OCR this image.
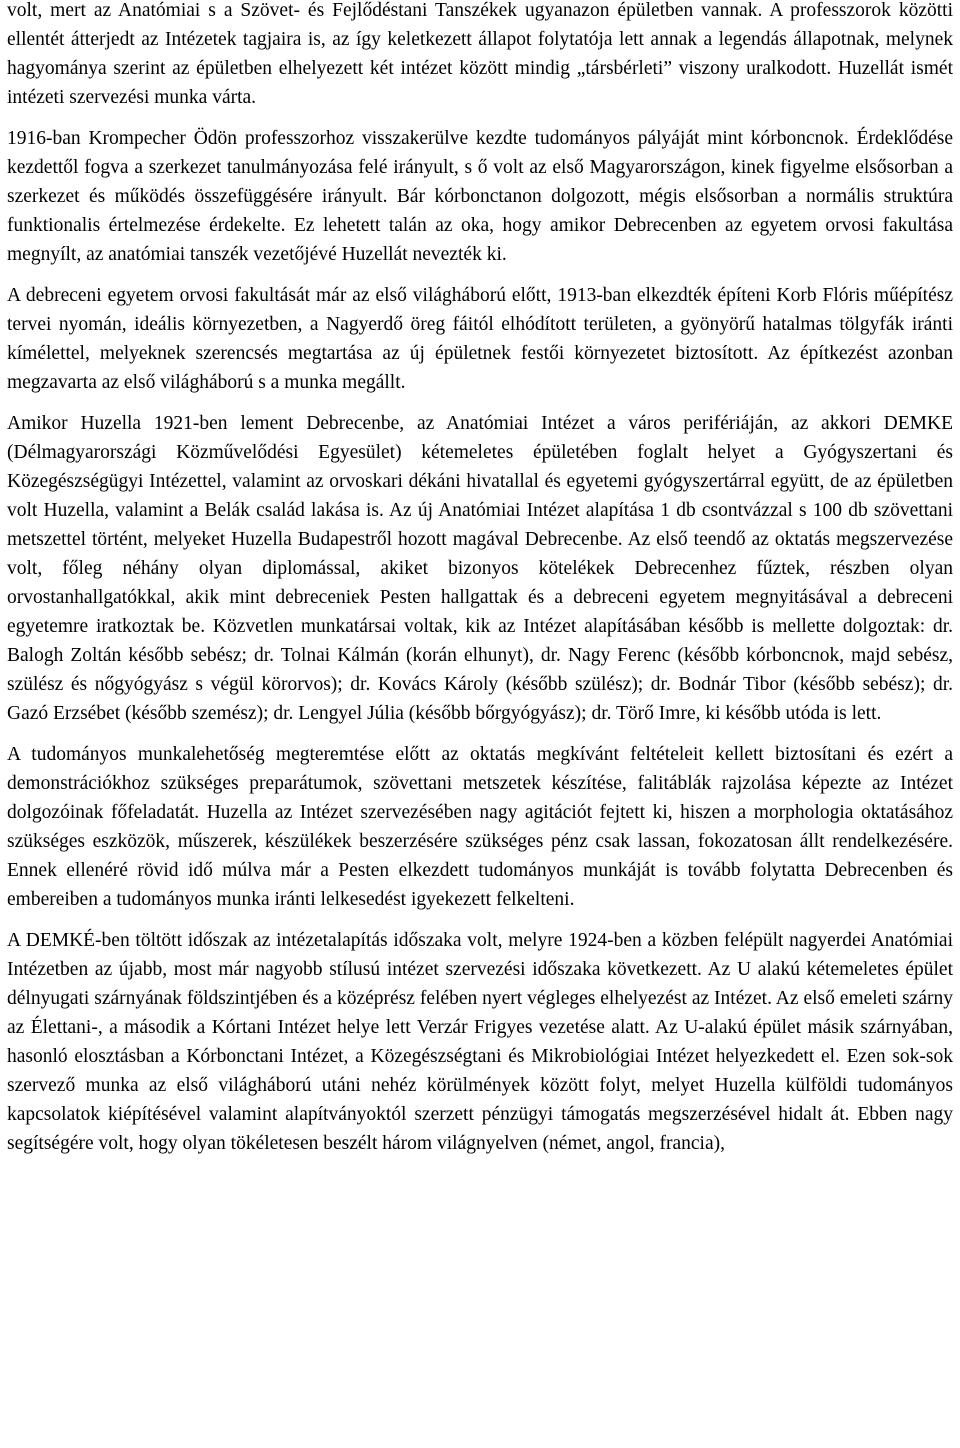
volt, mert az Anatómiai s a Szövet- és Fejlődéstani Tanszékek ugyanazon épületben vannak. A professzorok közötti ellentét átterjedt az Intézetek tagjaira is, az így keletkezett állapot folytatója lett annak a legendás állapotnak, melynek hagyománya szerint az épületben elhelyezett két intézet között mindig „társbérleti” viszony uralkodott. Huzellát ismét intézeti szervezési munka várta.

1916-ban Krompecher Ödön professzorhoz visszakerülve kezdte tudományos pályáját mint kórboncnok. Érdeklődése kezdettől fogva a szerkezet tanulmányozása felé irányult, s ő volt az első Magyarországon, kinek figyelme elsősorban a szerkezet és működés összefüggésére irányult. Bár kórbonctanon dolgozott, mégis elsősorban a normális struktúra funktionalis értelmezése érdekelte. Ez lehetett talán az oka, hogy amikor Debrecenben az egyetem orvosi fakultása megnyílt, az anatómiai tanszék vezetőjévé Huzellát nevezték ki.

A debreceni egyetem orvosi fakultását már az első világháború előtt, 1913-ban elkezdték építeni Korb Flóris műépítész tervei nyomán, ideális környezetben, a Nagyerdő öreg fáitól elhódított területen, a gyönyörű hatalmas tölgyfák iránti kímélettel, melyeknek szerencsés megtartása az új épületnek festői környezetet biztosított. Az építkezést azonban megzavarta az első világháború s a munka megállt.

Amikor Huzella 1921-ben lement Debrecenbe, az Anatómiai Intézet a város perifériáján, az akkori DEMKE (Délmagyarországi Közművelődési Egyesület) kétemeletes épületében foglalt helyet a Gyógyszertani és Közegészségügyi Intézettel, valamint az orvoskari dékáni hivatallal és egyetemi gyógyszertárral együtt, de az épületben volt Huzella, valamint a Belák család lakása is. Az új Anatómiai Intézet alapítása 1 db csontvázzal s 100 db szövettani metszettel történt, melyeket Huzella Budapestről hozott magával Debrecenbe. Az első teendő az oktatás megszervezése volt, főleg néhány olyan diplomással, akiket bizonyos kötelékek Debrecenhez fűztek, részben olyan orvostanhallgatókkal, akik mint debreceniek Pesten hallgattak és a debreceni egyetem megnyitásával a debreceni egyetemre iratkoztak be. Közvetlen munkatársai voltak, kik az Intézet alapításában később is mellette dolgoztak: dr. Balogh Zoltán később sebész; dr. Tolnai Kálmán (korán elhunyt), dr. Nagy Ferenc (később kórboncnok, majd sebész, szülész és nőgyógyász s végül körorvos); dr. Kovács Károly (később szülész); dr. Bodnár Tibor (később sebész); dr. Gazó Erzsébet (később szemész); dr. Lengyel Júlia (később bőrgyógyász); dr. Törő Imre, ki később utóda is lett.

A tudományos munkalehetőség megteremtése előtt az oktatás megkívánt feltételeit kellett biztosítani és ezért a demonstrációkhoz szükséges preparátumok, szövettani metszetek készítése, falitáblák rajzolása képezte az Intézet dolgozóinak főfeladatát. Huzella az Intézet szervezésében nagy agitációt fejtett ki, hiszen a morphologia oktatásához szükséges eszközök, műszerek, készülékek beszerzésére szükséges pénz csak lassan, fokozatosan állt rendelkezésére. Ennek ellenéré rövid idő múlva már a Pesten elkezdett tudományos munkáját is tovább folytatta Debrecenben és embereiben a tudományos munka iránti lelkesedést igyekezett felkelteni.

A DEMKÉ-ben töltött időszak az intézetalapítás időszaka volt, melyre 1924-ben a közben felépült nagyerdei Anatómiai Intézetben az újabb, most már nagyobb stílusú intézet szervezési időszaka következett. Az U alakú kétemeletes épület délnyugati szárnyának földszintjében és a középrész felében nyert végleges elhelyezést az Intézet. Az első emeleti szárny az Élettani-, a második a Kórtani Intézet helye lett Verzár Frigyes vezetése alatt. Az U-alakú épület másik szárnyában, hasonló elosztásban a Kórbonctani Intézet, a Közegészségtani és Mikrobiológiai Intézet helyezkedett el. Ezen sok-sok szervező munka az első világháború utáni nehéz körülmények között folyt, melyet Huzella külföldi tudományos kapcsolatok kiépítésével valamint alapítványoktól szerzett pénzügyi támogatás megszerzésével hidalt át. Ebben nagy segítségére volt, hogy olyan tökéletesen beszélt három világnyelven (német, angol, francia),
